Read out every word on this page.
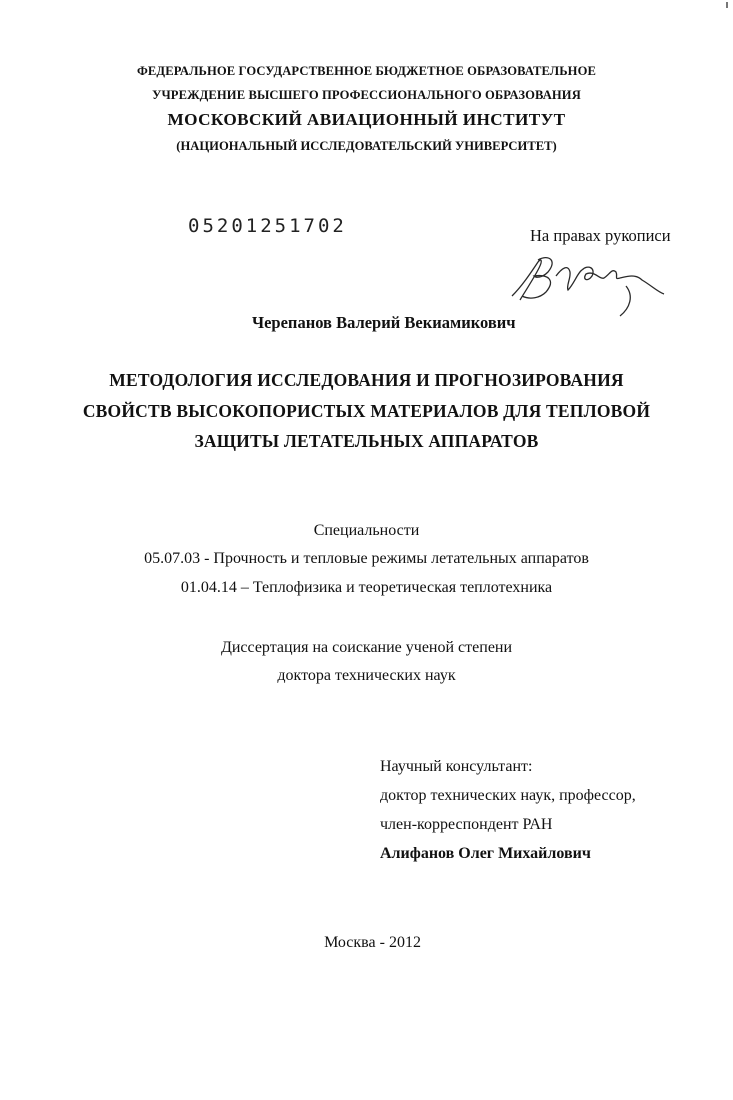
ФЕДЕРАЛЬНОЕ ГОСУДАРСТВЕННОЕ БЮДЖЕТНОЕ ОБРАЗОВАТЕЛЬНОЕ
УЧРЕЖДЕНИЕ ВЫСШЕГО ПРОФЕССИОНАЛЬНОГО ОБРАЗОВАНИЯ
МОСКОВСКИЙ АВИАЦИОННЫЙ ИНСТИТУТ
(НАЦИОНАЛЬНЫЙ ИССЛЕДОВАТЕЛЬСКИЙ УНИВЕРСИТЕТ)
05201251702	На правах рукописи
Черепанов Валерий Векиамикович
МЕТОДОЛОГИЯ ИССЛЕДОВАНИЯ И ПРОГНОЗИРОВАНИЯ
СВОЙСТВ ВЫСОКОПОРИСТЫХ МАТЕРИАЛОВ ДЛЯ ТЕПЛОВОЙ
ЗАЩИТЫ ЛЕТАТЕЛЬНЫХ АППАРАТОВ
Специальности
05.07.03 - Прочность и тепловые режимы летательных аппаратов
01.04.14 – Теплофизика и теоретическая теплотехника
Диссертация на соискание ученой степени
доктора технических наук
Научный консультант:
доктор технических наук, профессор,
член-корреспондент РАН
Алифанов Олег Михайлович
Москва - 2012
